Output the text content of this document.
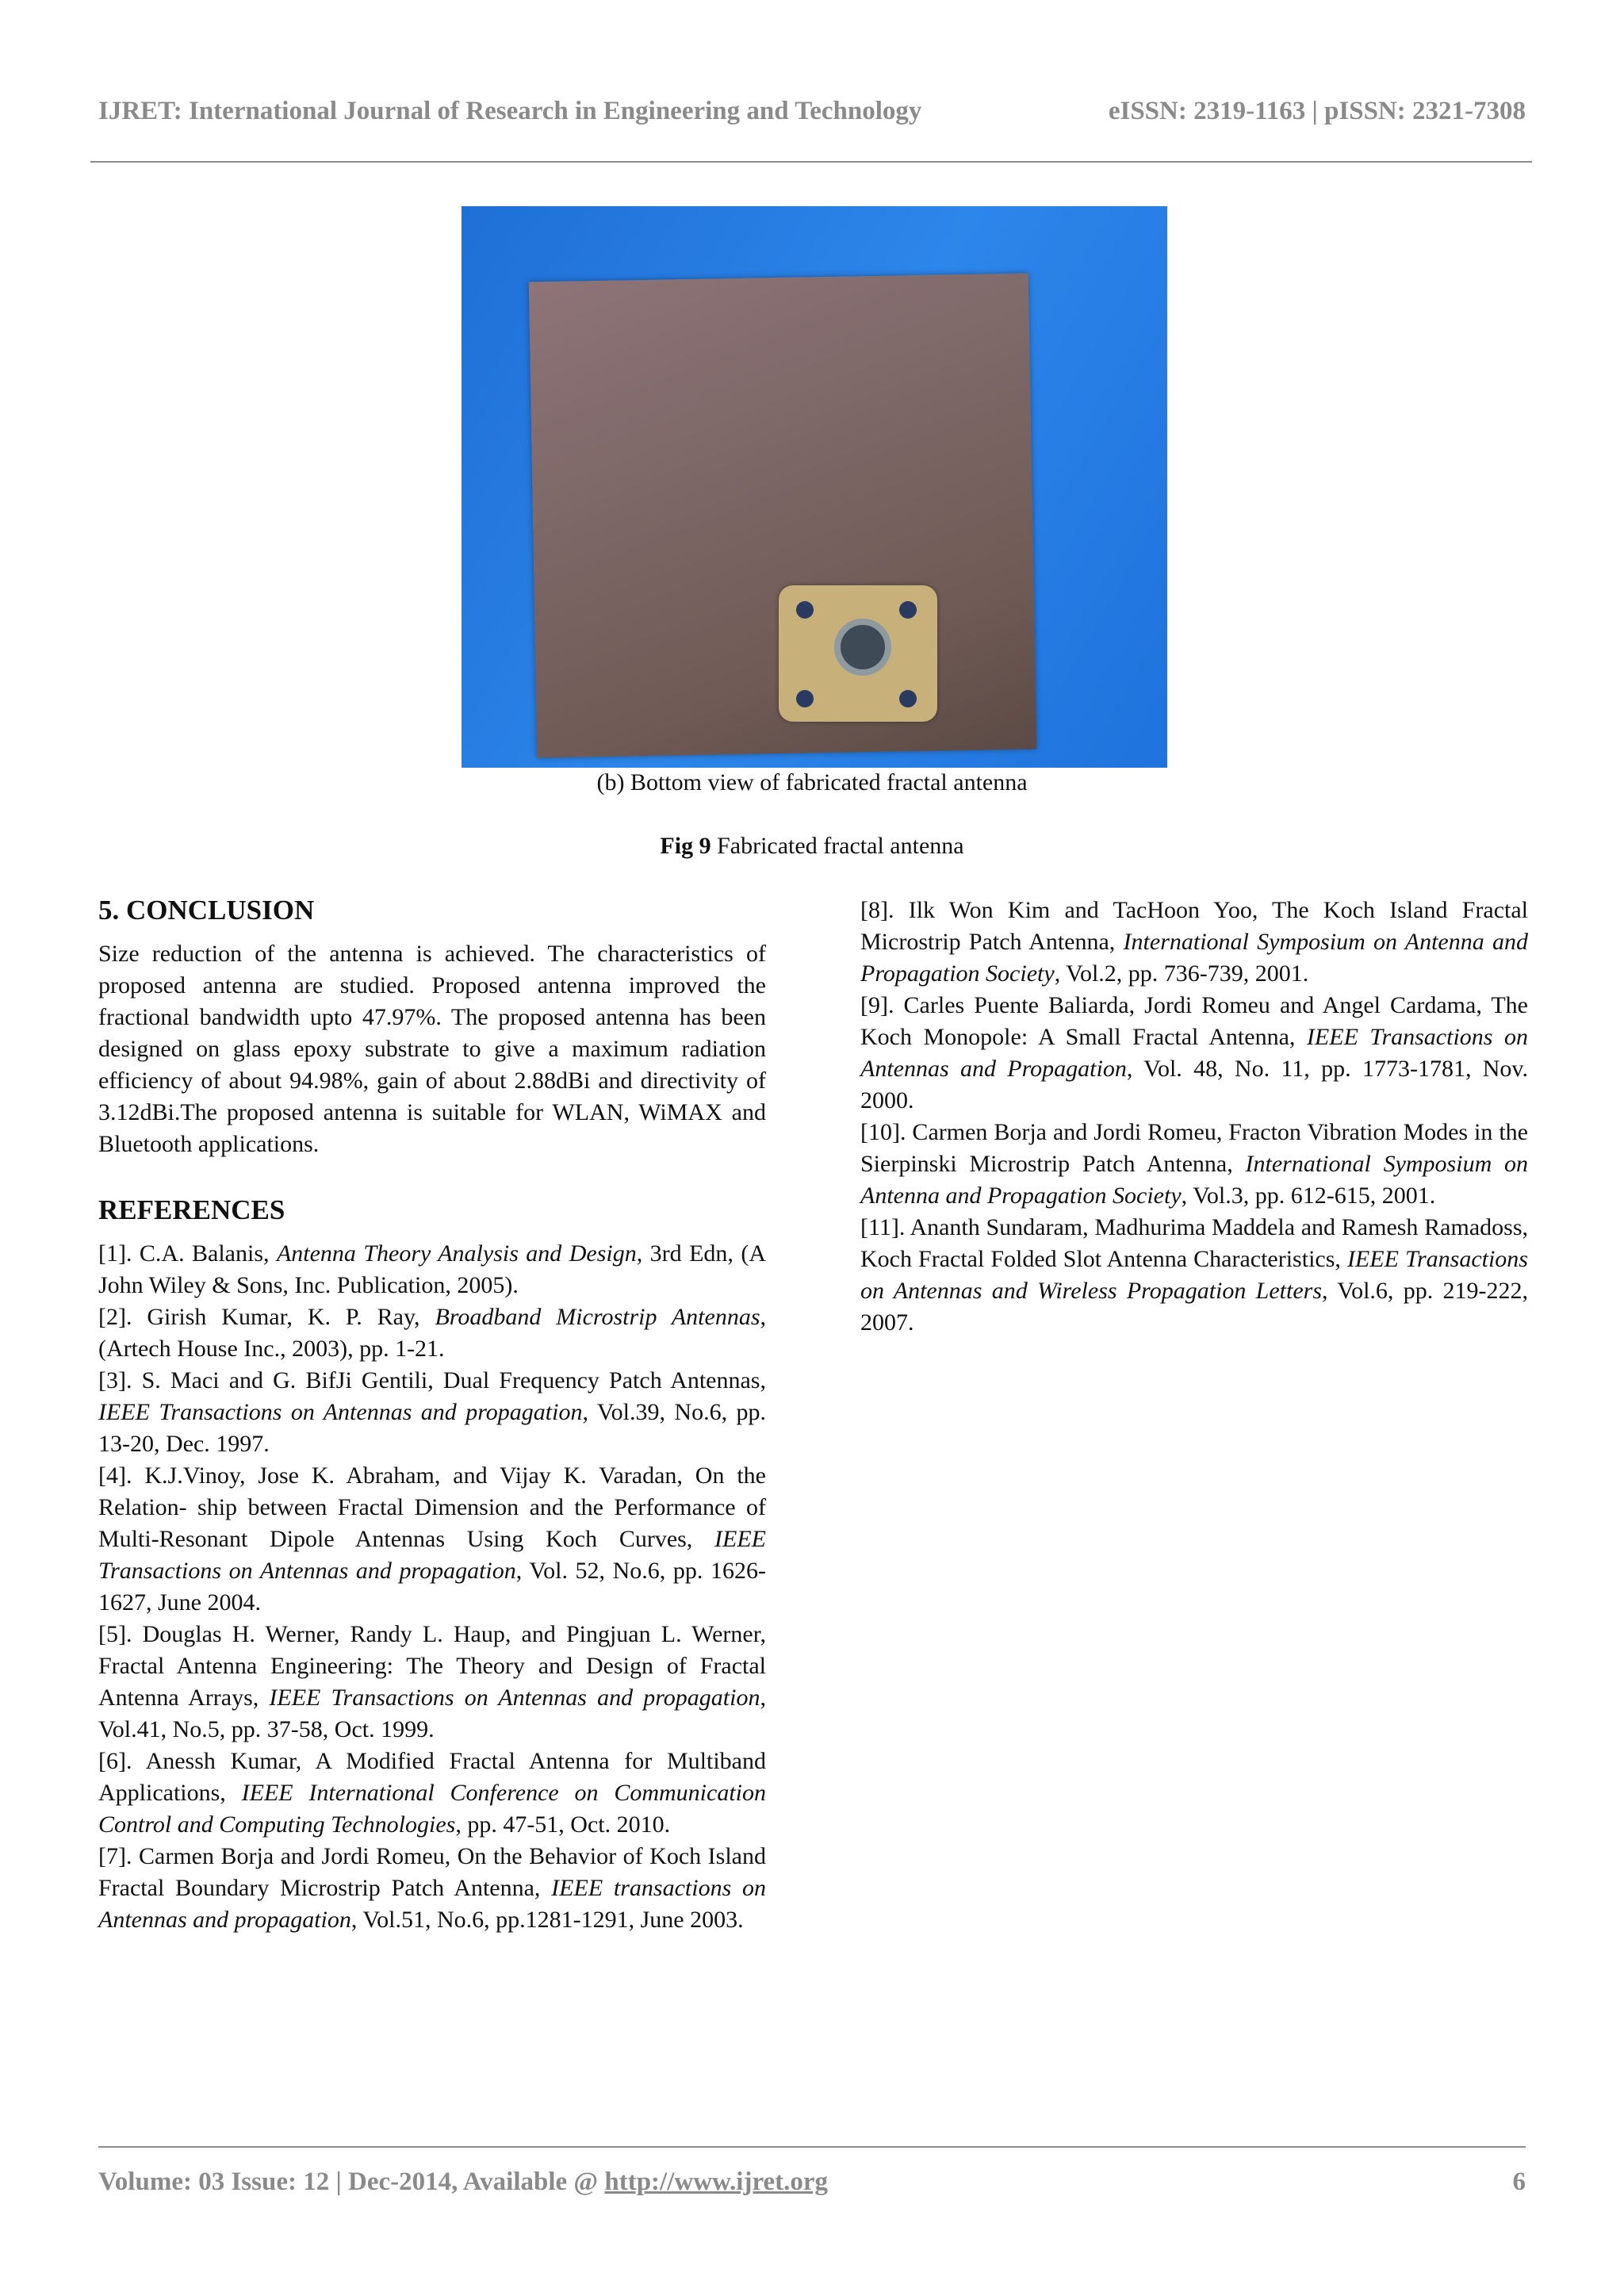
IJRET: International Journal of Research in Engineering and Technology	eISSN: 2319-1163 | pISSN: 2321-7308
(b) Bottom view of fabricated fractal antenna
Fig 9 Fabricated fractal antenna
5. CONCLUSION

Size reduction of the antenna is achieved. The characteristics of proposed antenna are studied. Proposed antenna improved the fractional bandwidth upto 47.97%. The proposed antenna has been designed on glass epoxy substrate to give a maximum radiation efficiency of about 94.98%, gain of about 2.88dBi and directivity of 3.12dBi.The proposed antenna is suitable for WLAN, WiMAX and Bluetooth applications.

REFERENCES

[1]. C.A. Balanis, Antenna Theory Analysis and Design, 3rd Edn, (A John Wiley & Sons, Inc. Publication, 2005).

[2]. Girish Kumar, K. P. Ray, Broadband Microstrip Antennas, (Artech House Inc., 2003), pp. 1-21.

[3]. S. Maci and G. BifJi Gentili, Dual Frequency Patch Antennas, IEEE Transactions on Antennas and propagation, Vol.39, No.6, pp. 13-20, Dec. 1997.

[4]. K.J.Vinoy, Jose K. Abraham, and Vijay K. Varadan, On the Relation- ship between Fractal Dimension and the Performance of Multi-Resonant Dipole Antennas Using Koch Curves, IEEE Transactions on Antennas and propagation, Vol. 52, No.6, pp. 1626-1627, June 2004.

[5]. Douglas H. Werner, Randy L. Haup, and Pingjuan L. Werner, Fractal Antenna Engineering: The Theory and Design of Fractal Antenna Arrays, IEEE Transactions on Antennas and propagation, Vol.41, No.5, pp. 37-58, Oct. 1999.

[6]. Anessh Kumar, A Modified Fractal Antenna for Multiband Applications, IEEE International Conference on Communication Control and Computing Technologies, pp. 47-51, Oct. 2010.

[7]. Carmen Borja and Jordi Romeu, On the Behavior of Koch Island Fractal Boundary Microstrip Patch Antenna, IEEE transactions on Antennas and propagation, Vol.51, No.6, pp.1281-1291, June 2003.

[8]. Ilk Won Kim and TacHoon Yoo, The Koch Island Fractal Microstrip Patch Antenna, International Symposium on Antenna and Propagation Society, Vol.2, pp. 736-739, 2001.

[9]. Carles Puente Baliarda, Jordi Romeu and Angel Cardama, The Koch Monopole: A Small Fractal Antenna, IEEE Transactions on Antennas and Propagation, Vol. 48, No. 11, pp. 1773-1781, Nov. 2000.

[10]. Carmen Borja and Jordi Romeu, Fracton Vibration Modes in the Sierpinski Microstrip Patch Antenna, International Symposium on Antenna and Propagation Society, Vol.3, pp. 612-615, 2001.

[11]. Ananth Sundaram, Madhurima Maddela and Ramesh Ramadoss, Koch Fractal Folded Slot Antenna Characteristics, IEEE Transactions on Antennas and Wireless Propagation Letters, Vol.6, pp. 219-222, 2007.

Volume: 03 Issue: 12 | Dec-2014, Available @ http://www.ijret.org	6
